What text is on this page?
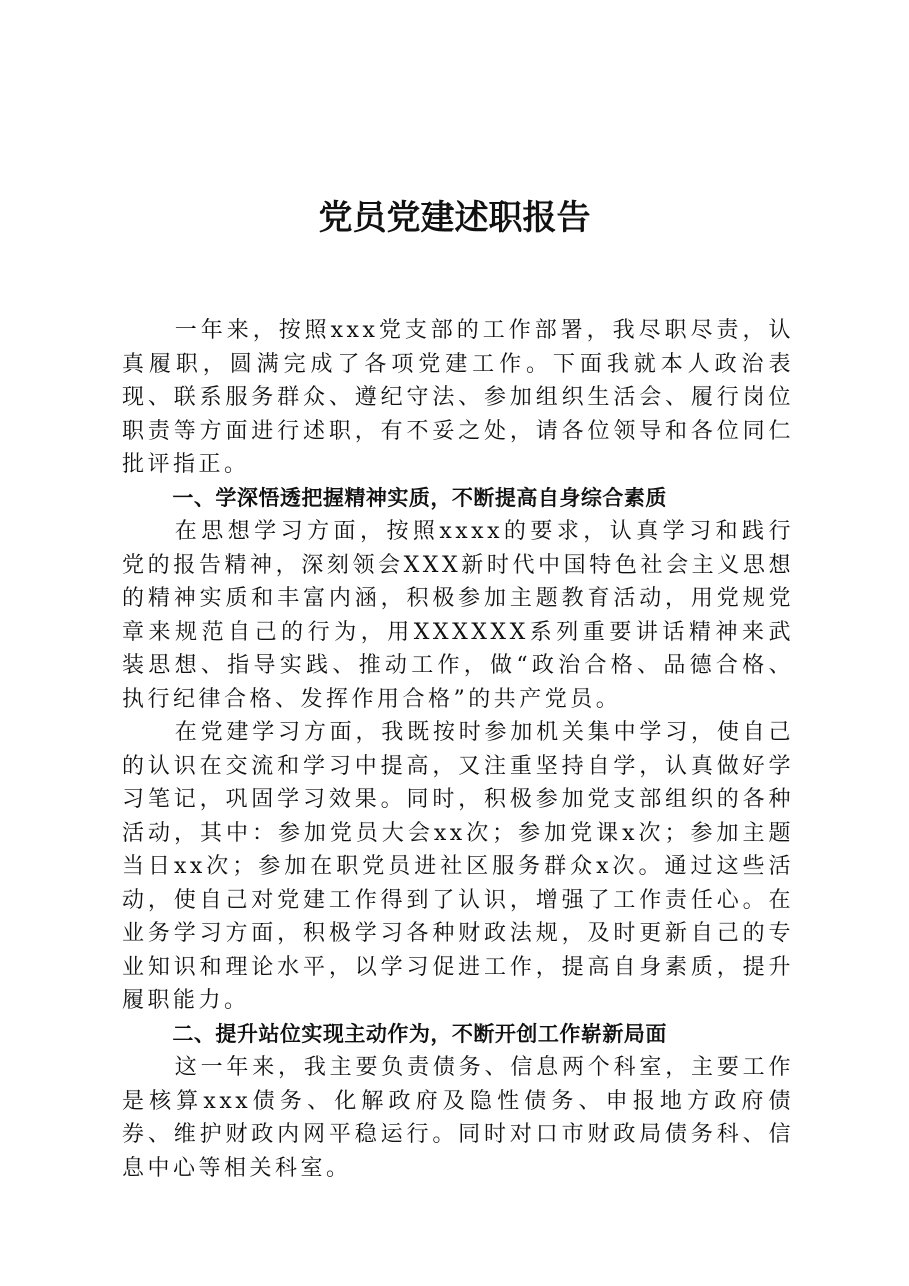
党员党建述职报告

一年来，按照xxx党支部的工作部署，我尽职尽责，认真履职，圆满完成了各项党建工作。下面我就本人政治表现、联系服务群众、遵纪守法、参加组织生活会、履行岗位职责等方面进行述职，有不妥之处，请各位领导和各位同仁批评指正。

一、学深悟透把握精神实质，不断提高自身综合素质

在思想学习方面，按照xxxx的要求，认真学习和践行党的报告精神，深刻领会XXX新时代中国特色社会主义思想的精神实质和丰富内涵，积极参加主题教育活动，用党规党章来规范自己的行为，用XXXXXX系列重要讲话精神来武装思想、指导实践、推动工作，做“政治合格、品德合格、执行纪律合格、发挥作用合格”的共产党员。

在党建学习方面，我既按时参加机关集中学习，使自己的认识在交流和学习中提高，又注重坚持自学，认真做好学习笔记，巩固学习效果。同时，积极参加党支部组织的各种活动，其中：参加党员大会xx次；参加党课x次；参加主题当日xx次；参加在职党员进社区服务群众x次。通过这些活动，使自己对党建工作得到了认识，增强了工作责任心。在业务学习方面，积极学习各种财政法规，及时更新自己的专业知识和理论水平，以学习促进工作，提高自身素质，提升履职能力。

二、提升站位实现主动作为，不断开创工作崭新局面

这一年来，我主要负责债务、信息两个科室，主要工作是核算xxx债务、化解政府及隐性债务、申报地方政府债券、维护财政内网平稳运行。同时对口市财政局债务科、信息中心等相关科室。
